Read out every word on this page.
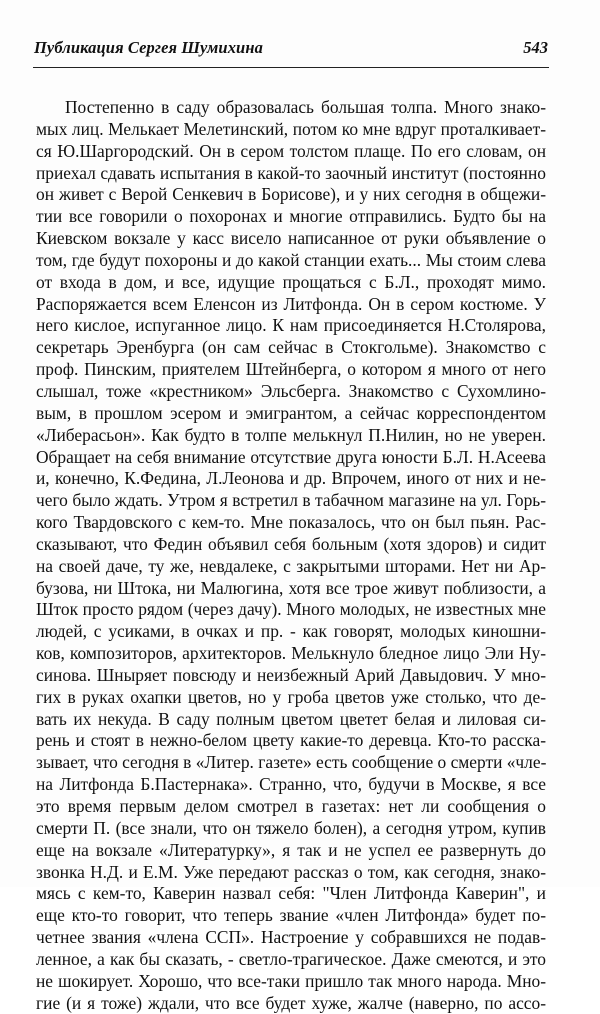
Публикация Сергея Шумихина	543
Постепенно в саду образовалась большая толпа. Много знако-
мых лиц. Мелькает Мелетинский, потом ко мне вдруг проталкивает-
ся Ю.Шаргородский. Он в сером толстом плаще. По его словам, он
приехал сдавать испытания в какой-то заочный институт (постоянно
он живет с Верой Сенкевич в Борисове), и у них сегодня в общежи-
тии все говорили о похоронах и многие отправились. Будто бы на
Киевском вокзале у касс висело написанное от руки объявление о
том, где будут похороны и до какой станции ехать... Мы стоим слева
от входа в дом, и все, идущие прощаться с Б.Л., проходят мимо.
Распоряжается всем Еленсон из Литфонда. Он в сером костюме. У
него кислое, испуганное лицо. К нам присоединяется Н.Столярова,
секретарь Эренбурга (он сам сейчас в Стокгольме). Знакомство с
проф. Пинским, приятелем Штейнберга, о котором я много от него
слышал, тоже «крестником» Эльсберга. Знакомство с Сухомлино-
вым, в прошлом эсером и эмигрантом, а сейчас корреспондентом
«Либерасьон». Как будто в толпе мелькнул П.Нилин, но не уверен.
Обращает на себя внимание отсутствие друга юности Б.Л. Н.Асеева
и, конечно, К.Федина, Л.Леонова и др. Впрочем, иного от них и не-
чего было ждать. Утром я встретил в табачном магазине на ул. Горь-
кого Твардовского с кем-то. Мне показалось, что он был пьян. Рас-
сказывают, что Федин объявил себя больным (хотя здоров) и сидит
на своей даче, ту же, невдалеке, с закрытыми шторами. Нет ни Ар-
бузова, ни Штока, ни Малюгина, хотя все трое живут поблизости, а
Шток просто рядом (через дачу). Много молодых, не известных мне
людей, с усиками, в очках и пр. - как говорят, молодых киношни-
ков, композиторов, архитекторов. Мелькнуло бледное лицо Эли Ну-
синова. Шныряет повсюду и неизбежный Арий Давыдович. У мно-
гих в руках охапки цветов, но у гроба цветов уже столько, что де-
вать их некуда. В саду полным цветом цветет белая и лиловая си-
рень и стоят в нежно-белом цвету какие-то деревца. Кто-то расска-
зывает, что сегодня в «Литер. газете» есть сообщение о смерти «чле-
на Литфонда Б.Пастернака». Странно, что, будучи в Москве, я все
это время первым делом смотрел в газетах: нет ли сообщения о
смерти П. (все знали, что он тяжело болен), а сегодня утром, купив
еще на вокзале «Литературку», я так и не успел ее развернуть до
звонка Н.Д. и Е.М. Уже передают рассказ о том, как сегодня, знако-
мясь с кем-то, Каверин назвал себя: "Член Литфонда Каверин", и
еще кто-то говорит, что теперь звание «член Литфонда» будет по-
четнее звания «члена ССП». Настроение у собравшихся не подав-
ленное, а как бы сказать, - светло-трагическое. Даже смеются, и это
не шокирует. Хорошо, что все-таки пришло так много народа. Мно-
гие (и я тоже) ждали, что все будет хуже, жалче (наверно, по ассо-
